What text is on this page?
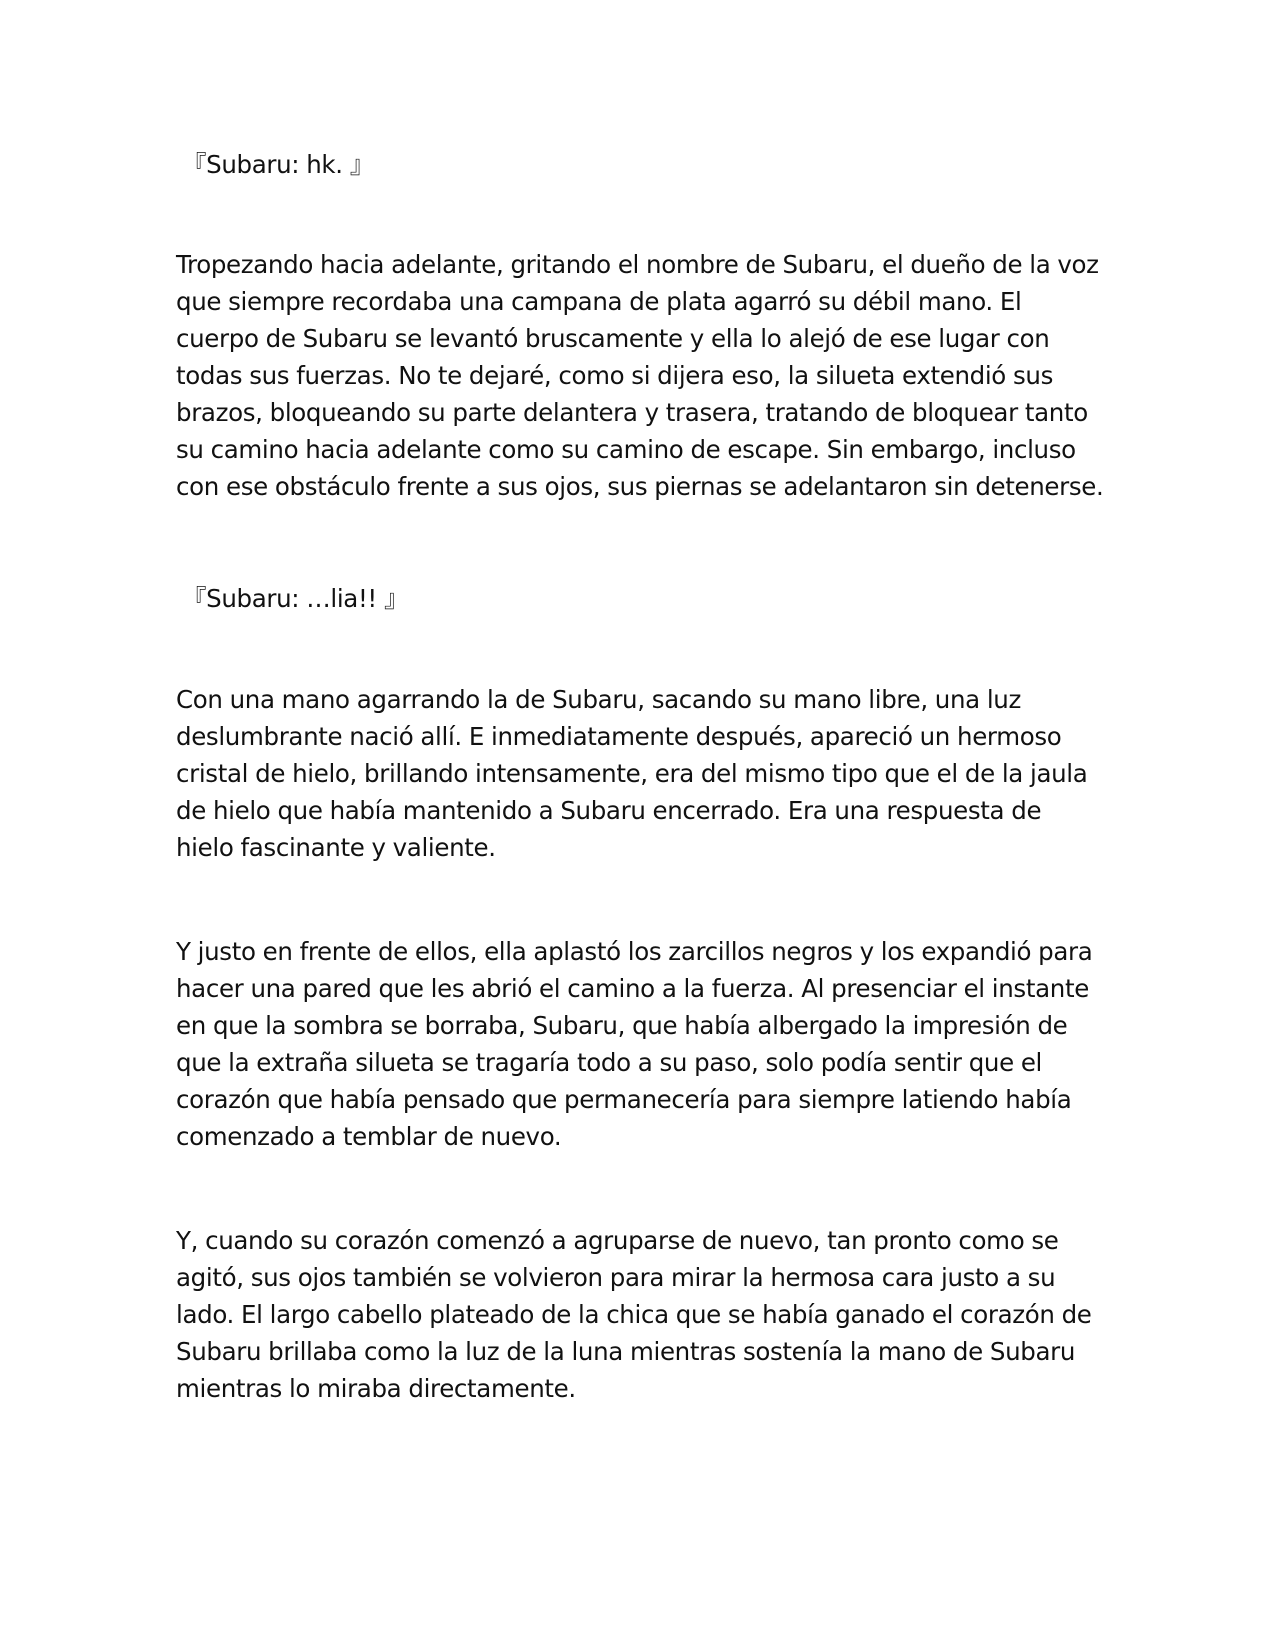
『Subaru: hk. 』

Tropezando hacia adelante, gritando el nombre de Subaru, el dueño de la voz

que siempre recordaba una campana de plata agarró su débil mano. El

cuerpo de Subaru se levantó bruscamente y ella lo alejó de ese lugar con

todas sus fuerzas. No te dejaré, como si dijera eso, la silueta extendió sus

brazos, bloqueando su parte delantera y trasera, tratando de bloquear tanto

su camino hacia adelante como su camino de escape. Sin embargo, incluso

con ese obstáculo frente a sus ojos, sus piernas se adelantaron sin detenerse.

『Subaru: …lia!! 』

Con una mano agarrando la de Subaru, sacando su mano libre, una luz

deslumbrante nació allí. E inmediatamente después, apareció un hermoso

cristal de hielo, brillando intensamente, era del mismo tipo que el de la jaula

de hielo que había mantenido a Subaru encerrado. Era una respuesta de

hielo fascinante y valiente.

Y justo en frente de ellos, ella aplastó los zarcillos negros y los expandió para

hacer una pared que les abrió el camino a la fuerza. Al presenciar el instante

en que la sombra se borraba, Subaru, que había albergado la impresión de

que la extraña silueta se tragaría todo a su paso, solo podía sentir que el

corazón que había pensado que permanecería para siempre latiendo había

comenzado a temblar de nuevo.

Y, cuando su corazón comenzó a agruparse de nuevo, tan pronto como se

agitó, sus ojos también se volvieron para mirar la hermosa cara justo a su

lado. El largo cabello plateado de la chica que se había ganado el corazón de

Subaru brillaba como la luz de la luna mientras sostenía la mano de Subaru

mientras lo miraba directamente.
